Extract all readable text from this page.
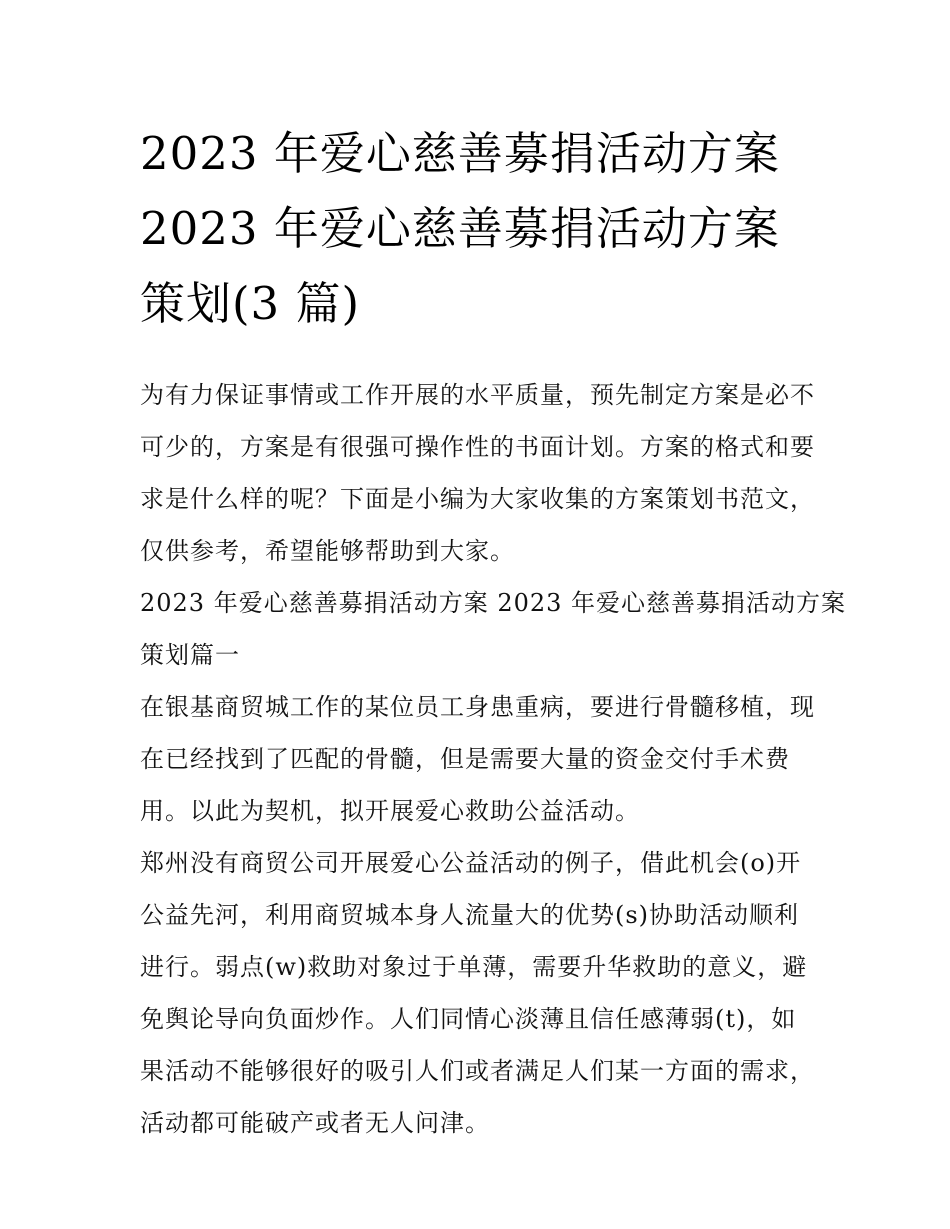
2023 年爱心慈善募捐活动方案
2023 年爱心慈善募捐活动方案
策划(3 篇)

为有力保证事情或工作开展的水平质量，预先制定方案是必不
可少的，方案是有很强可操作性的书面计划。方案的格式和要
求是什么样的呢？下面是小编为大家收集的方案策划书范文，
仅供参考，希望能够帮助到大家。

2023 年爱心慈善募捐活动方案 2023 年爱心慈善募捐活动方案
策划篇一

在银基商贸城工作的某位员工身患重病，要进行骨髓移植，现
在已经找到了匹配的骨髓，但是需要大量的资金交付手术费
用。以此为契机，拟开展爱心救助公益活动。

郑州没有商贸公司开展爱心公益活动的例子，借此机会(o)开
公益先河，利用商贸城本身人流量大的优势(s)协助活动顺利
进行。弱点(w)救助对象过于单薄，需要升华救助的意义，避
免舆论导向负面炒作。人们同情心淡薄且信任感薄弱(t)，如
果活动不能够很好的吸引人们或者满足人们某一方面的需求，
活动都可能破产或者无人问津。
